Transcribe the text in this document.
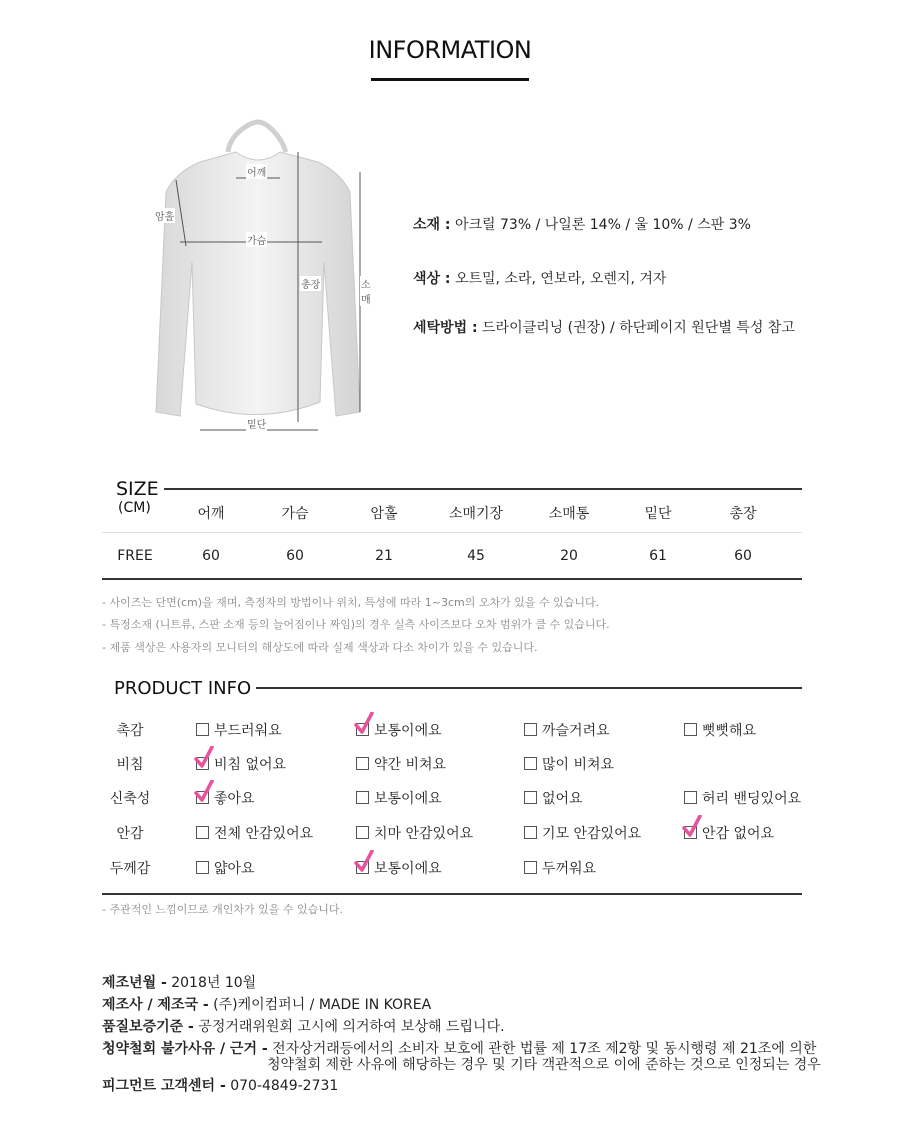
INFORMATION
어깨
암홀
가슴
총장	소매
밑단
소재 : 아크릴 73% / 나일론 14% / 울 10% / 스판 3%
색상 : 오트밀, 소라, 연보라, 오렌지, 겨자
세탁방법 : 드라이클리닝 (권장) / 하단페이지 원단별 특성 참고
SIZE
(CM)	어깨	가슴	암홀	소매기장	소매통	밑단	총장
FREE	60	60	21	45	20	61	60
- 사이즈는 단면(cm)을 재며, 측정자의 방법이나 위치, 특성에 따라 1~3cm의 오차가 있을 수 있습니다.
- 특정소재 (니트류, 스판 소재 등의 늘어짐이나 짜임)의 경우 실측 사이즈보다 오차 범위가 클 수 있습니다.
- 제품 색상은 사용자의 모니터의 해상도에 따라 실제 색상과 다소 차이가 있을 수 있습니다.
PRODUCT INFO
촉감	부드러워요	보통이에요	까슬거려요	뻣뻣해요
비침	비침 없어요	약간 비쳐요	많이 비쳐요
신축성	좋아요	보통이에요	없어요	허리 밴딩있어요
안감	전체 안감있어요	치마 안감있어요	기모 안감있어요	안감 없어요
두께감	얇아요	보통이에요	두꺼워요
- 주관적인 느낌이므로 개인차가 있을 수 있습니다.
제조년월 - 2018년 10월
제조사 / 제조국 - (주)케이컴퍼니 / MADE IN KOREA
품질보증기준 - 공정거래위원회 고시에 의거하여 보상해 드립니다.
청약철회 불가사유 / 근거 - 전자상거래등에서의 소비자 보호에 관한 법률 제 17조 제2항 및 동시행령 제 21조에 의한
청약철회 제한 사유에 해당하는 경우 및 기타 객관적으로 이에 준하는 것으로 인정되는 경우
피그먼트 고객센터 - 070-4849-2731
